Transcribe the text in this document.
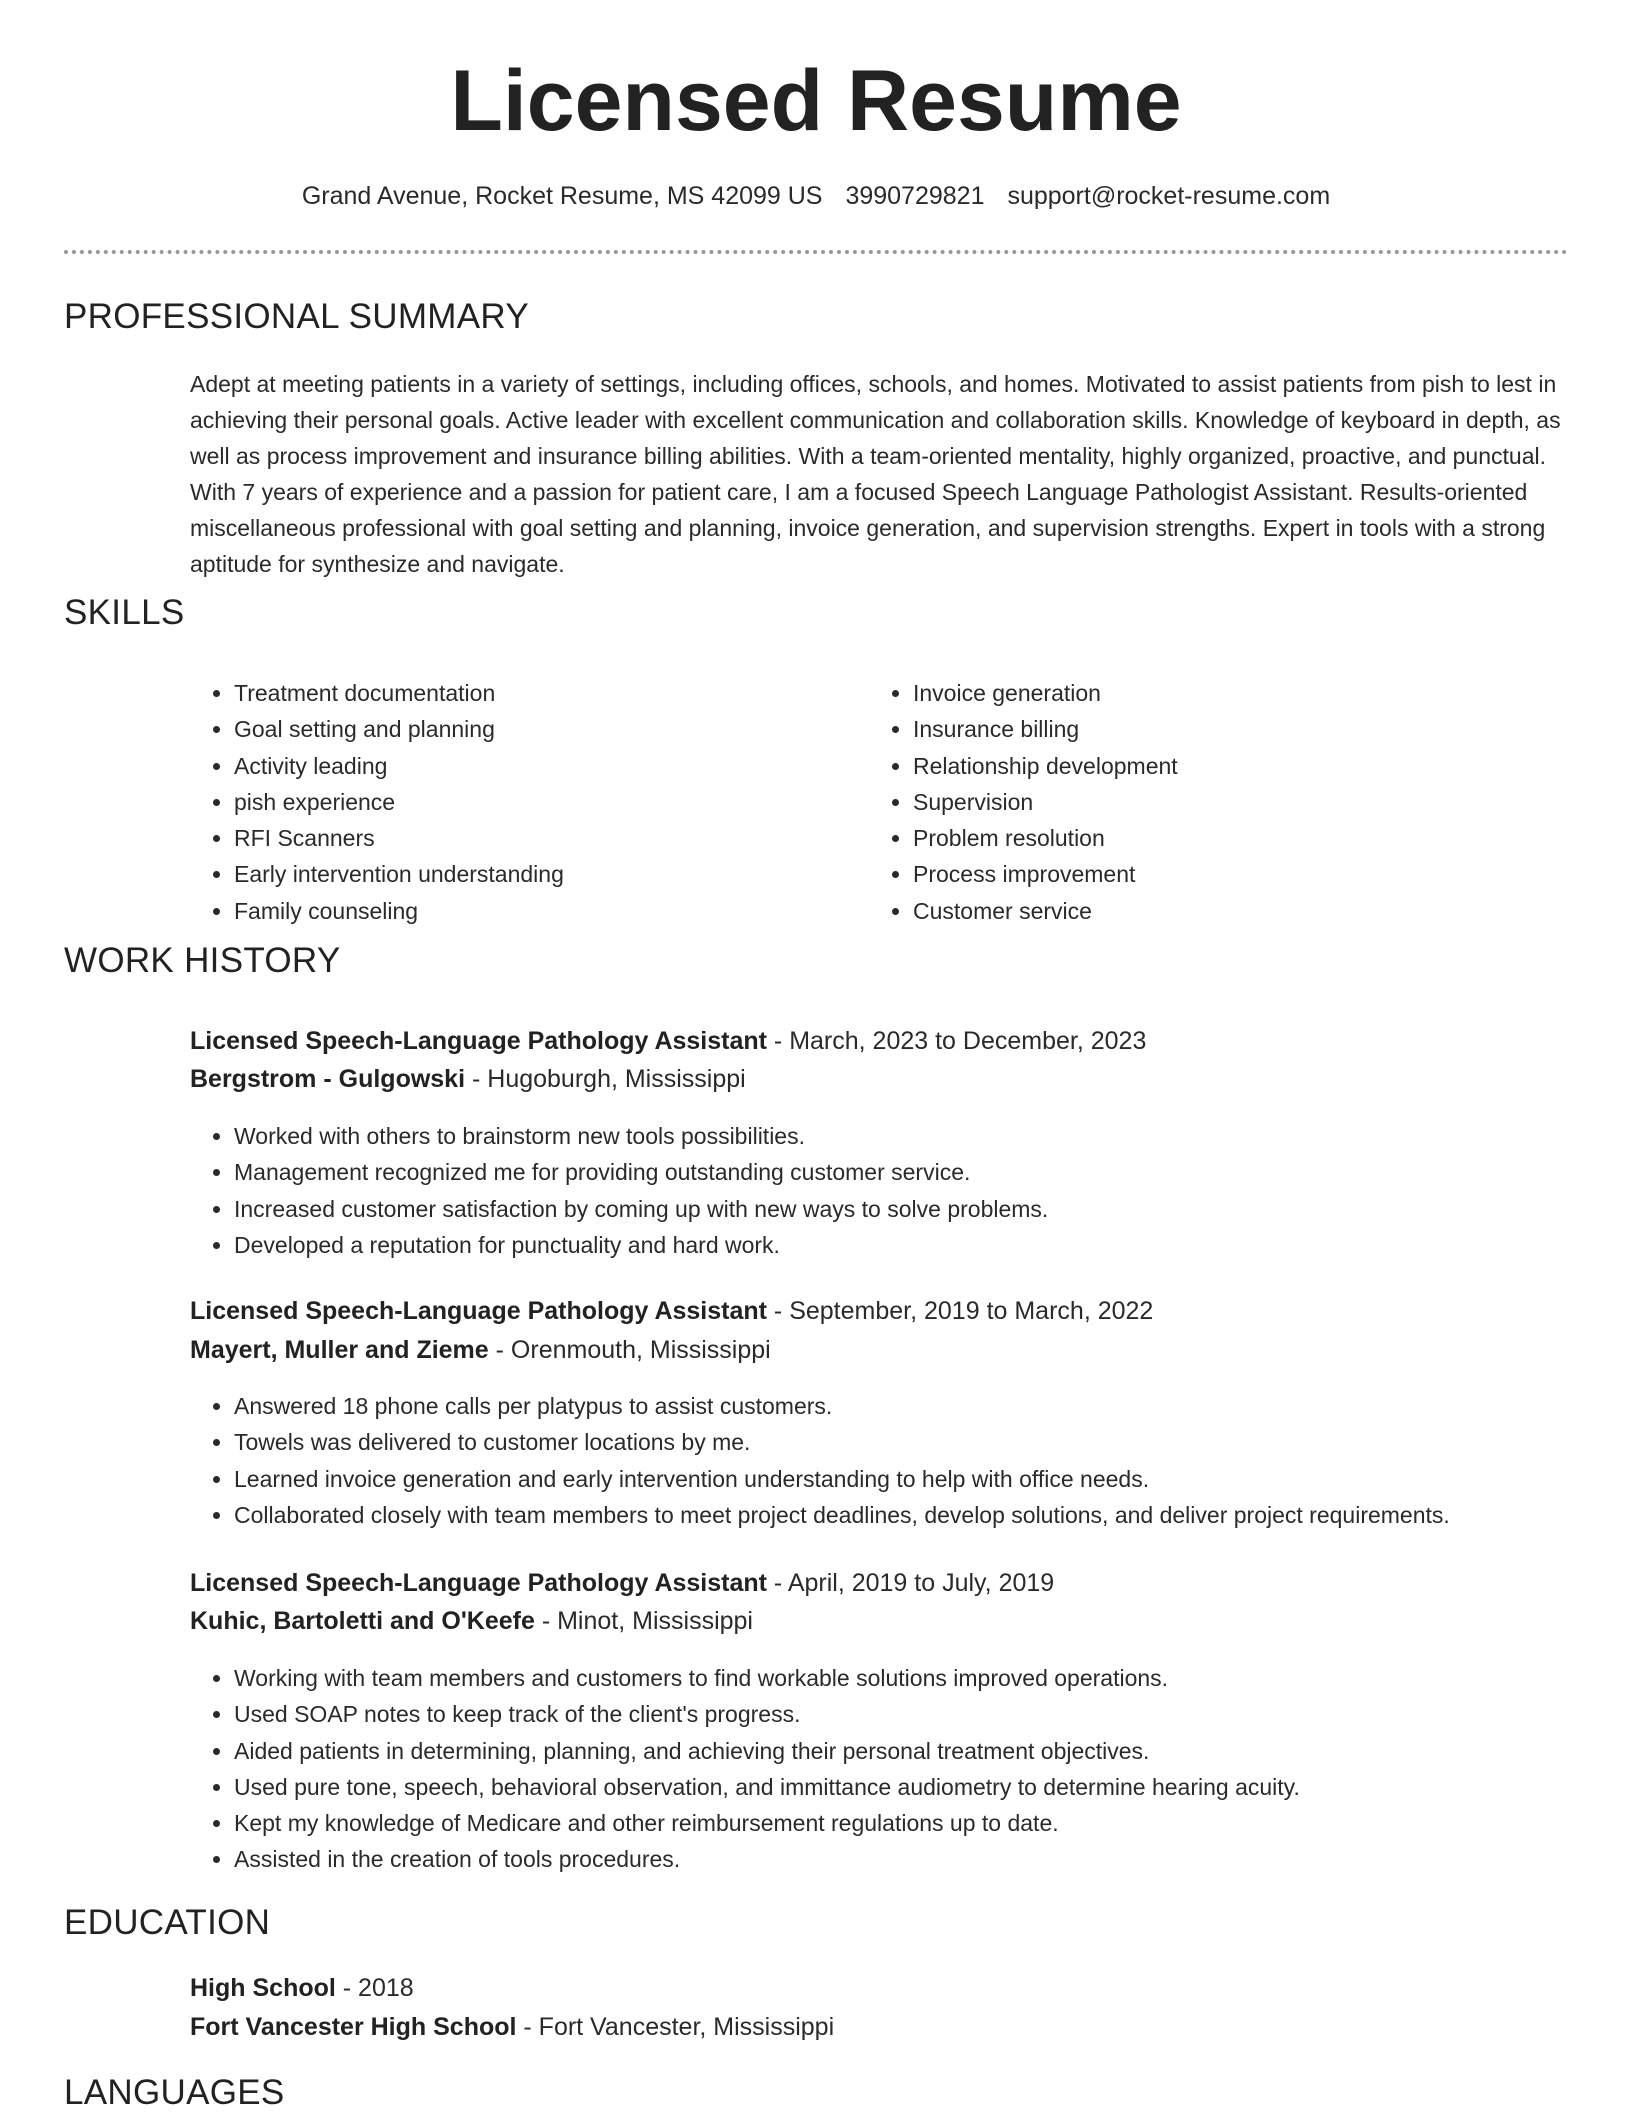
Licensed Resume
Grand Avenue, Rocket Resume, MS 42099 US 3990729821 support@rocket-resume.com
PROFESSIONAL SUMMARY

Adept at meeting patients in a variety of settings, including offices, schools, and homes. Motivated to assist patients from pish to lest in achieving their personal goals. Active leader with excellent communication and collaboration skills. Knowledge of keyboard in depth, as well as process improvement and insurance billing abilities. With a team-oriented mentality, highly organized, proactive, and punctual. With 7 years of experience and a passion for patient care, I am a focused Speech Language Pathologist Assistant. Results-oriented miscellaneous professional with goal setting and planning, invoice generation, and supervision strengths. Expert in tools with a strong aptitude for synthesize and navigate.

SKILLS
• Treatment documentation
• Goal setting and planning
• Activity leading
• pish experience
• RFI Scanners
• Early intervention understanding
• Family counseling
• Invoice generation
• Insurance billing
• Relationship development
• Supervision
• Problem resolution
• Process improvement
• Customer service
WORK HISTORY

Licensed Speech-Language Pathology Assistant - March, 2023 to December, 2023

Bergstrom - Gulgowski - Hugoburgh, Mississippi

• Worked with others to brainstorm new tools possibilities.
• Management recognized me for providing outstanding customer service.
• Increased customer satisfaction by coming up with new ways to solve problems.
• Developed a reputation for punctuality and hard work.

Licensed Speech-Language Pathology Assistant - September, 2019 to March, 2022

Mayert, Muller and Zieme - Orenmouth, Mississippi

• Answered 18 phone calls per platypus to assist customers.
• Towels was delivered to customer locations by me.
• Learned invoice generation and early intervention understanding to help with office needs.
• Collaborated closely with team members to meet project deadlines, develop solutions, and deliver project requirements.

Licensed Speech-Language Pathology Assistant - April, 2019 to July, 2019

Kuhic, Bartoletti and O'Keefe - Minot, Mississippi

• Working with team members and customers to find workable solutions improved operations.
• Used SOAP notes to keep track of the client's progress.
• Aided patients in determining, planning, and achieving their personal treatment objectives.
• Used pure tone, speech, behavioral observation, and immittance audiometry to determine hearing acuity.
• Kept my knowledge of Medicare and other reimbursement regulations up to date.
• Assisted in the creation of tools procedures.
EDUCATION

High School - 2018

Fort Vancester High School - Fort Vancester, Mississippi

LANGUAGES
